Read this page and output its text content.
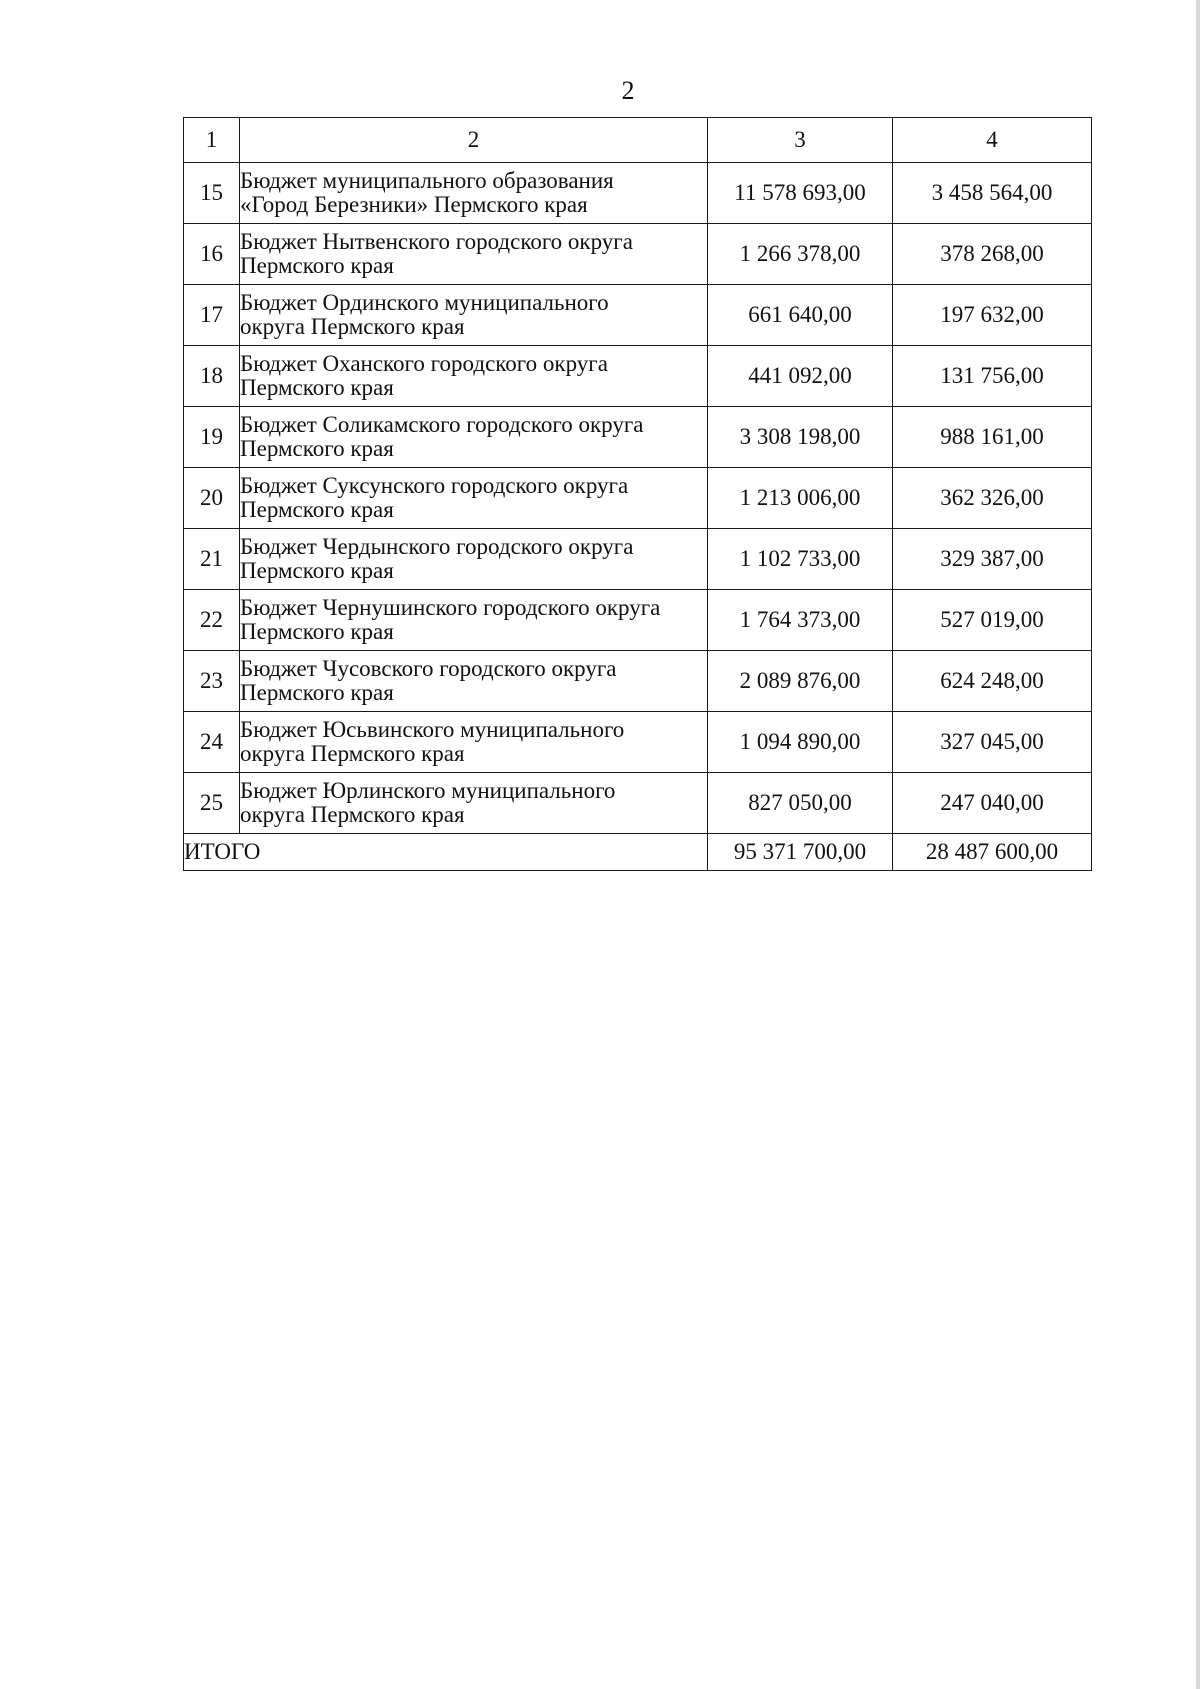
2
1	2	3	4
15	Бюджет муниципального образования
«Город Березники» Пермского края	11 578 693,00	3 458 564,00
16	Бюджет Нытвенского городского округа
Пермского края	1 266 378,00	378 268,00
17	Бюджет Ординского муниципального
округа Пермского края	661 640,00	197 632,00
18	Бюджет Оханского городского округа
Пермского края	441 092,00	131 756,00
19	Бюджет Соликамского городского округа
Пермского края	3 308 198,00	988 161,00
20	Бюджет Суксунского городского округа
Пермского края	1 213 006,00	362 326,00
21	Бюджет Чердынского городского округа
Пермского края	1 102 733,00	329 387,00
22	Бюджет Чернушинского городского округа
Пермского края	1 764 373,00	527 019,00
23	Бюджет Чусовского городского округа
Пермского края	2 089 876,00	624 248,00
24	Бюджет Юсьвинского муниципального
округа Пермского края	1 094 890,00	327 045,00
25	Бюджет Юрлинского муниципального
округа Пермского края	827 050,00	247 040,00
ИТОГО		95 371 700,00	28 487 600,00
